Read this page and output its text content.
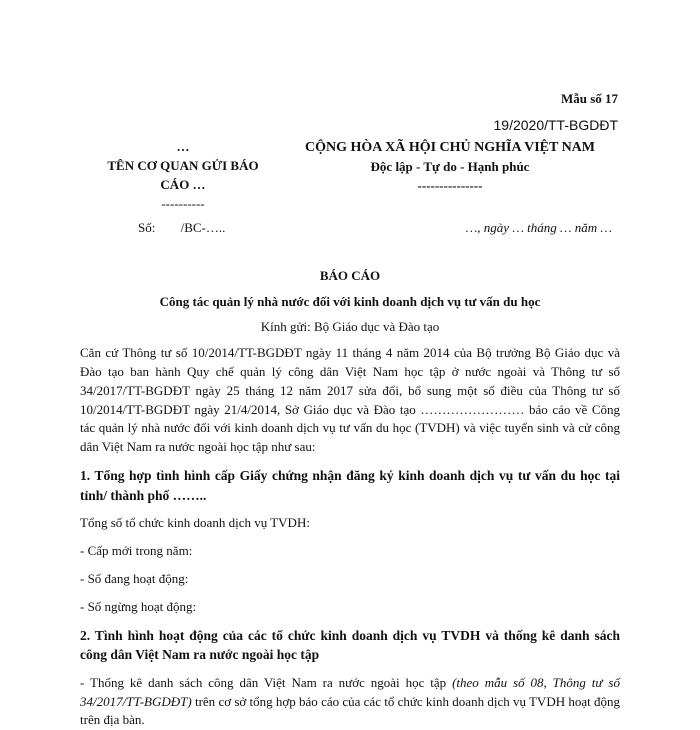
Mẫu số 17
19/2020/TT-BGDĐT
…
TÊN CƠ QUAN GỬI BÁO
CÁO …
----------
CỘNG HÒA XÃ HỘI CHỦ NGHĨA VIỆT NAM
Độc lập - Tự do - Hạnh phúc
---------------
Số: /BC-…..	…, ngày … tháng … năm …
BÁO CÁO
Công tác quản lý nhà nước đối với kinh doanh dịch vụ tư vấn du học
Kính gửi: Bộ Giáo dục và Đào tạo

Căn cứ Thông tư số 10/2014/TT-BGDĐT ngày 11 tháng 4 năm 2014 của Bộ trưởng Bộ Giáo dục và Đào tạo ban hành Quy chế quản lý công dân Việt Nam học tập ở nước ngoài và Thông tư số 34/2017/TT-BGDĐT ngày 25 tháng 12 năm 2017 sửa đổi, bổ sung một số điều của Thông tư số 10/2014/TT-BGDĐT ngày 21/4/2014, Sở Giáo dục và Đào tạo …………………… báo cáo về Công tác quản lý nhà nước đối với kinh doanh dịch vụ tư vấn du học (TVDH) và việc tuyển sinh và cử công dân Việt Nam ra nước ngoài học tập như sau:

1. Tổng hợp tình hình cấp Giấy chứng nhận đăng ký kinh doanh dịch vụ tư vấn du học tại tỉnh/ thành phố ……..

Tổng số tổ chức kinh doanh dịch vụ TVDH:

- Cấp mới trong năm:

- Số đang hoạt động:

- Số ngừng hoạt động:

2. Tình hình hoạt động của các tổ chức kinh doanh dịch vụ TVDH và thống kê danh sách công dân Việt Nam ra nước ngoài học tập

- Thống kê danh sách công dân Việt Nam ra nước ngoài học tập (theo mẫu số 08, Thông tư số 34/2017/TT-BGDĐT) trên cơ sở tổng hợp báo cáo của các tổ chức kinh doanh dịch vụ TVDH hoạt động trên địa bàn.
